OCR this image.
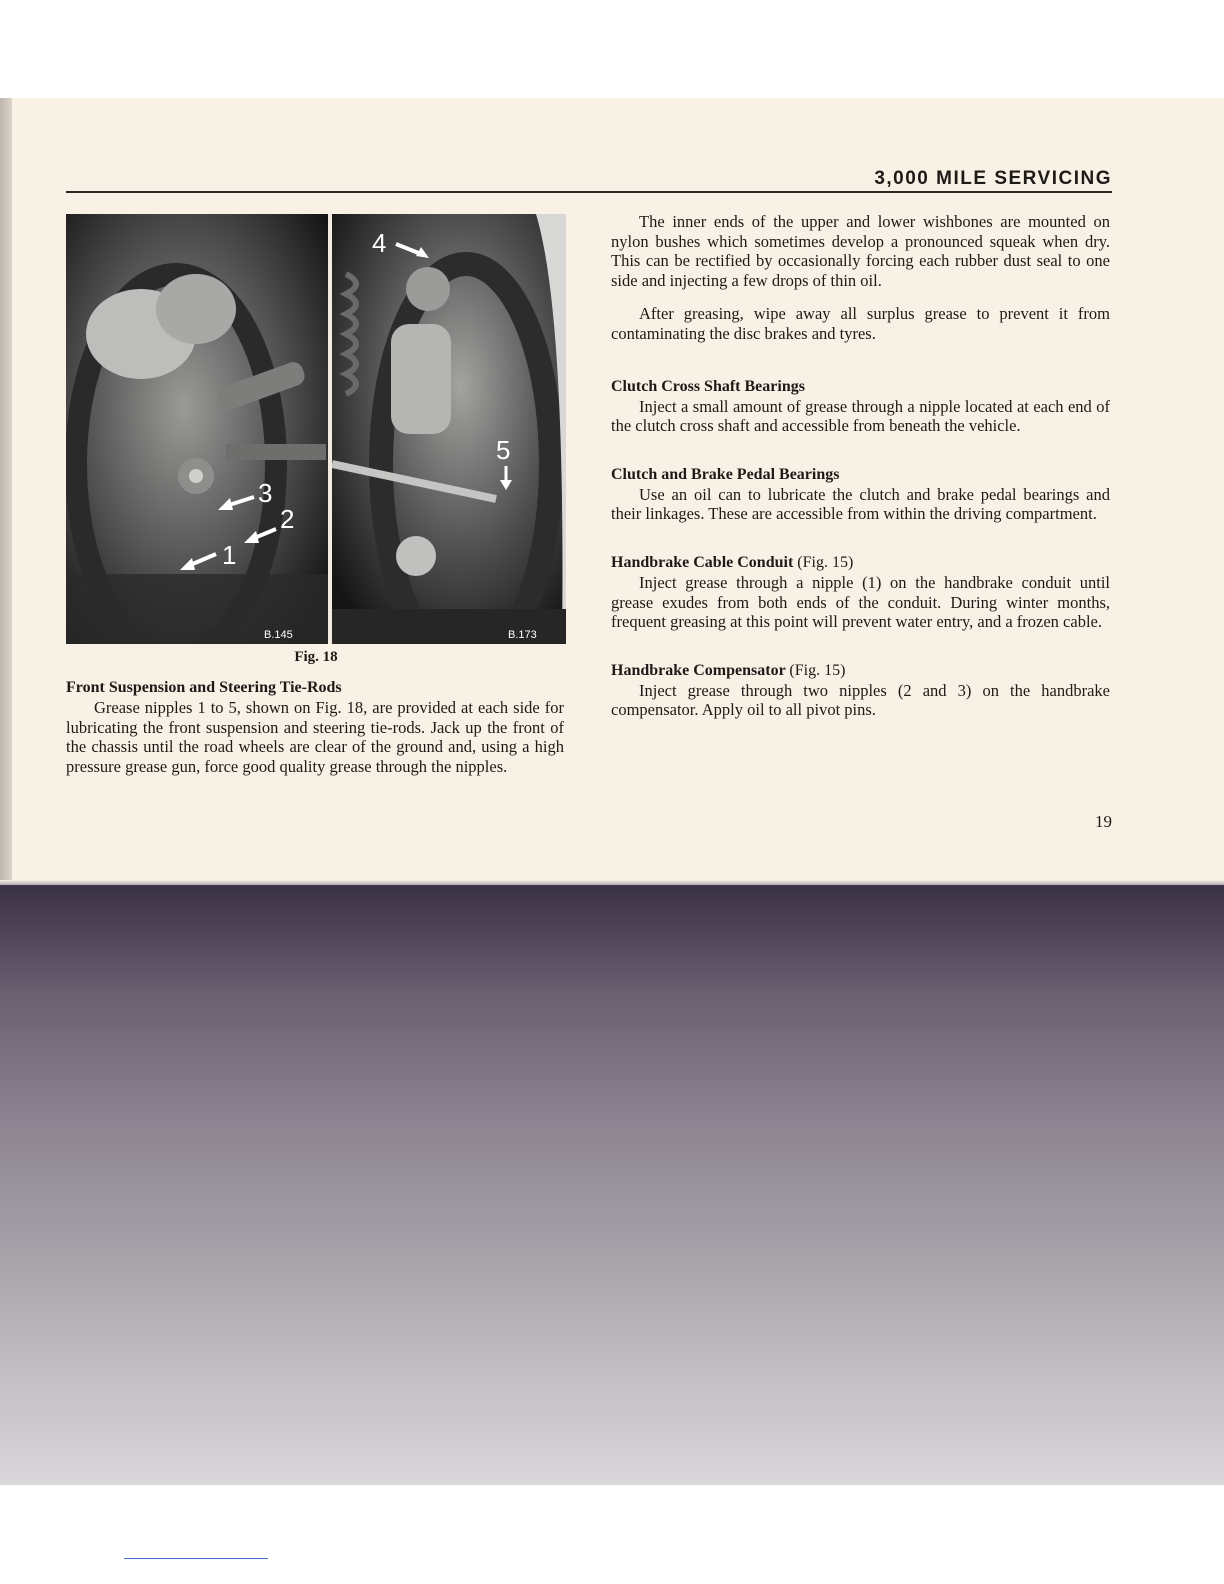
3,000 MILE SERVICING
1
2
3
4
5
B.145	B.173
Fig. 18
Front Suspension and Steering Tie-Rods

Grease nipples 1 to 5, shown on Fig. 18, are provided at each side for lubricating the front suspension and steering tie-rods. Jack up the front of the chassis until the road wheels are clear of the ground and, using a high pressure grease gun, force good quality grease through the nipples.

The inner ends of the upper and lower wishbones are mounted on nylon bushes which sometimes develop a pronounced squeak when dry. This can be rectified by occasionally forcing each rubber dust seal to one side and injecting a few drops of thin oil.

After greasing, wipe away all surplus grease to prevent it from contaminating the disc brakes and tyres.

Clutch Cross Shaft Bearings

Inject a small amount of grease through a nipple located at each end of the clutch cross shaft and accessible from beneath the vehicle.

Clutch and Brake Pedal Bearings

Use an oil can to lubricate the clutch and brake pedal bearings and their linkages. These are accessible from within the driving compartment.

Handbrake Cable Conduit (Fig. 15)

Inject grease through a nipple (1) on the handbrake conduit until grease exudes from both ends of the conduit. During winter months, frequent greasing at this point will prevent water entry, and a frozen cable.

Handbrake Compensator (Fig. 15)

Inject grease through two nipples (2 and 3) on the handbrake compensator. Apply oil to all pivot pins.

19
